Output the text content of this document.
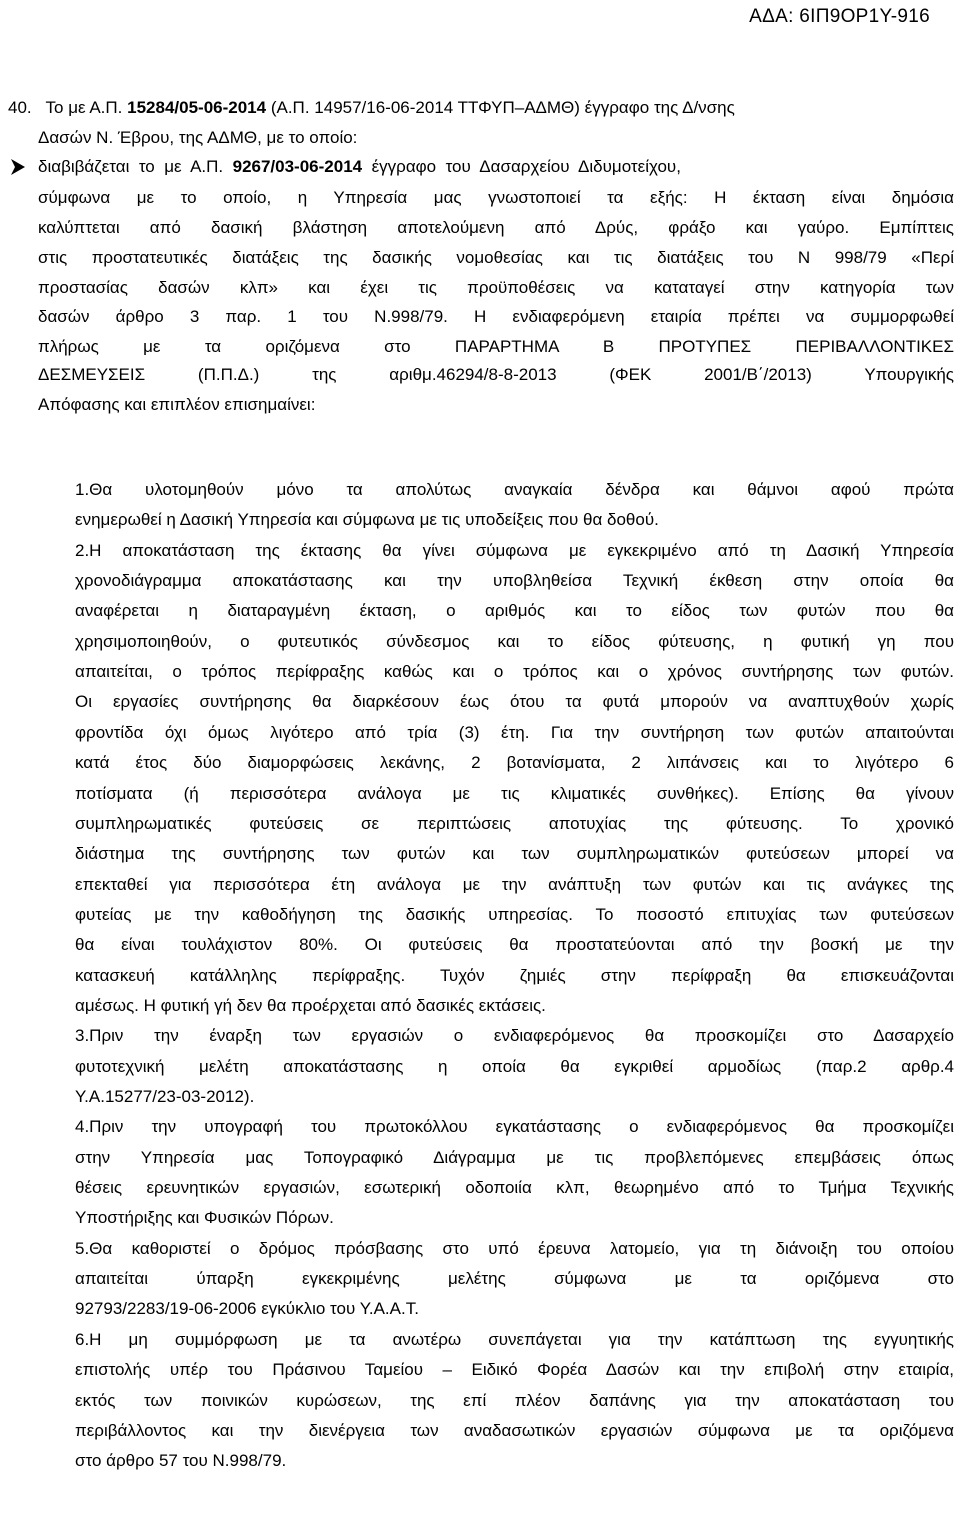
ΑΔΑ: 6ΙΠ9ΟΡ1Υ-916
40.   Το με Α.Π. 15284/05-06-2014 (Α.Π. 14957/16-06-2014 ΤΤΦΥΠ–ΑΔΜΘ) έγγραφο της Δ/νσης
Δασών Ν. Έβρου, της ΑΔΜΘ, με το οποίο:
διαβιβάζεται  το  με  Α.Π.  9267/03-06-2014  έγγραφο  του  Δασαρχείου  Διδυμοτείχου,
σύμφωνα με το οποίο, η Υπηρεσία μας γνωστοποιεί τα εξής: Η έκταση είναι δημόσια
καλύπτεται από δασική βλάστηση αποτελούμενη από Δρύς, φράξο και γαύρο. Εμπίπτεις
στις προστατευτικές διατάξεις της δασικής νομοθεσίας και τις διατάξεις του Ν 998/79 «Περί
προστασίας δασών κλπ» και έχει τις προϋποθέσεις να καταταγεί στην κατηγορία των
δασών άρθρο 3 παρ. 1 του Ν.998/79. Η ενδιαφερόμενη εταιρία πρέπει να συμμορφωθεί
πλήρως με τα οριζόμενα στο ΠΑΡΑΡΤΗΜΑ Β ΠΡΟΤΥΠΕΣ ΠΕΡΙΒΑΛΛΟΝΤΙΚΕΣ
ΔΕΣΜΕΥΣΕΙΣ (Π.Π.Δ.) της αριθμ.46294/8-8-2013 (ΦΕΚ 2001/Β΄/2013) Υπουργικής
Απόφασης και επιπλέον επισημαίνει:
1.Θα υλοτομηθούν μόνο τα απολύτως αναγκαία δένδρα και θάμνοι αφού πρώτα
ενημερωθεί η Δασική Υπηρεσία και σύμφωνα με τις υποδείξεις που θα δοθού.
2.Η αποκατάσταση της έκτασης θα γίνει σύμφωνα με εγκεκριμένο από τη Δασική Υπηρεσία
χρονοδιάγραμμα αποκατάστασης και την υποβληθείσα Τεχνική έκθεση στην οποία θα
αναφέρεται η διαταραγμένη έκταση, ο αριθμός και το είδος των φυτών που θα
χρησιμοποιηθούν, ο φυτευτικός σύνδεσμος και το είδος φύτευσης, η φυτική γη που
απαιτείται, ο τρόπος περίφραξης καθώς και ο τρόπος και ο χρόνος συντήρησης των φυτών.
Οι εργασίες συντήρησης θα διαρκέσουν έως ότου τα φυτά μπορούν να αναπτυχθούν χωρίς
φροντίδα όχι όμως λιγότερο από τρία (3) έτη. Για την συντήρηση των φυτών απαιτούνται
κατά έτος δύο διαμορφώσεις λεκάνης, 2 βοτανίσματα, 2 λιπάνσεις και το λιγότερο 6
ποτίσματα (ή περισσότερα ανάλογα με τις κλιματικές συνθήκες). Επίσης θα γίνουν
συμπληρωματικές φυτεύσεις σε περιπτώσεις αποτυχίας της φύτευσης. Το χρονικό
διάστημα της συντήρησης των φυτών και των συμπληρωματικών φυτεύσεων μπορεί να
επεκταθεί για περισσότερα έτη ανάλογα με την ανάπτυξη των φυτών και τις ανάγκες της
φυτείας με την καθοδήγηση της δασικής υπηρεσίας. Το ποσοστό επιτυχίας των φυτεύσεων
θα είναι τουλάχιστον 80%. Οι φυτεύσεις θα προστατεύονται από την βοσκή με την
κατασκευή κατάλληλης περίφραξης. Τυχόν ζημιές στην περίφραξη θα επισκευάζονται
αμέσως. Η φυτική γή δεν θα προέρχεται από δασικές εκτάσεις.
3.Πριν την έναρξη των εργασιών ο ενδιαφερόμενος θα προσκομίζει στο Δασαρχείο
φυτοτεχνική μελέτη αποκατάστασης η οποία θα εγκριθεί αρμοδίως (παρ.2 αρθρ.4
Υ.Α.15277/23-03-2012).
4.Πριν την υπογραφή του πρωτοκόλλου εγκατάστασης ο ενδιαφερόμενος θα προσκομίζει
στην Υπηρεσία μας Τοπογραφικό Διάγραμμα με τις προβλεπόμενες επεμβάσεις όπως
θέσεις ερευνητικών εργασιών, εσωτερική οδοποιία κλπ, θεωρημένο από το Τμήμα Τεχνικής
Υποστήριξης και Φυσικών Πόρων.
5.Θα καθοριστεί ο δρόμος πρόσβασης στο υπό έρευνα λατομείο, για τη διάνοιξη του οποίου
απαιτείται ύπαρξη εγκεκριμένης μελέτης σύμφωνα με τα οριζόμενα στο
92793/2283/19-06-2006 εγκύκλιο του Υ.Α.Α.Τ.
6.Η μη συμμόρφωση με τα ανωτέρω συνεπάγεται για την κατάπτωση της εγγυητικής
επιστολής υπέρ του Πράσινου Ταμείου – Ειδικό Φορέα Δασών και την επιβολή στην εταιρία,
εκτός των ποινικών κυρώσεων, της επί πλέον δαπάνης για την αποκατάσταση του
περιβάλλοντος και την διενέργεια των αναδασωτικών εργασιών σύμφωνα με τα οριζόμενα
στο άρθρο 57 του Ν.998/79.
